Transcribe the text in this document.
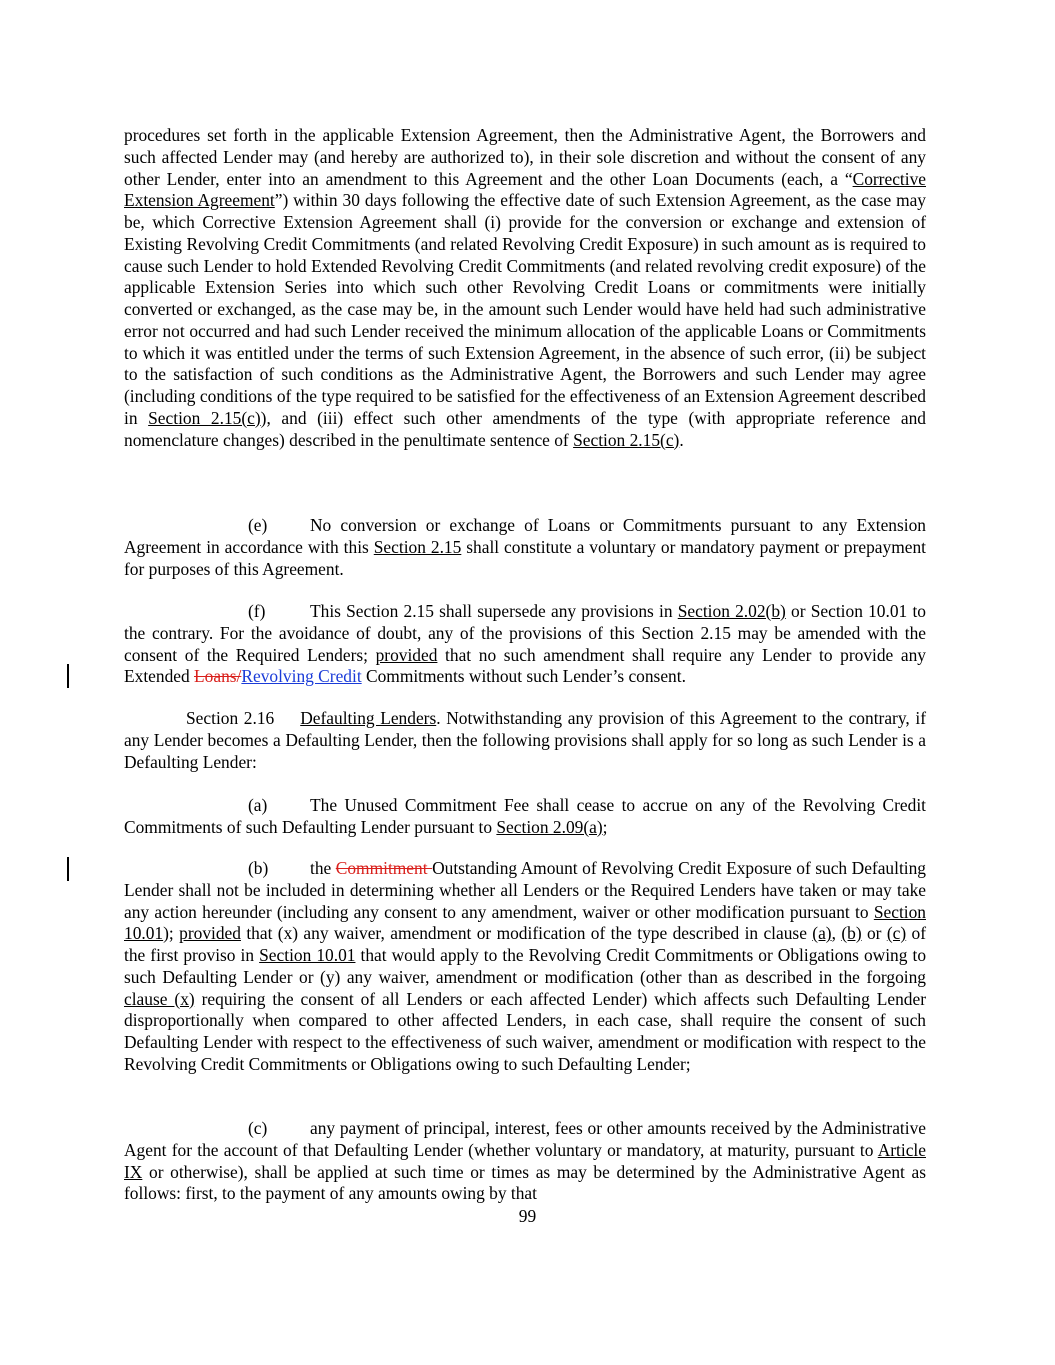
procedures set forth in the applicable Extension Agreement, then the Administrative Agent, the Borrowers and such affected Lender may (and hereby are authorized to), in their sole discretion and without the consent of any other Lender, enter into an amendment to this Agreement and the other Loan Documents (each, a “Corrective Extension Agreement”) within 30 days following the effective date of such Extension Agreement, as the case may be, which Corrective Extension Agreement shall (i) provide for the conversion or exchange and extension of Existing Revolving Credit Commitments (and related Revolving Credit Exposure) in such amount as is required to cause such Lender to hold Extended Revolving Credit Commitments (and related revolving credit exposure) of the applicable Extension Series into which such other Revolving Credit Loans or commitments were initially converted or exchanged, as the case may be, in the amount such Lender would have held had such administrative error not occurred and had such Lender received the minimum allocation of the applicable Loans or Commitments to which it was entitled under the terms of such Extension Agreement, in the absence of such error, (ii) be subject to the satisfaction of such conditions as the Administrative Agent, the Borrowers and such Lender may agree (including conditions of the type required to be satisfied for the effectiveness of an Extension Agreement described in Section 2.15(c)), and (iii) effect such other amendments of the type (with appropriate reference and nomenclature changes) described in the penultimate sentence of Section 2.15(c).

(e) No conversion or exchange of Loans or Commitments pursuant to any Extension Agreement in accordance with this Section 2.15 shall constitute a voluntary or mandatory payment or prepayment for purposes of this Agreement.

(f)	This Section 2.15 shall supersede any provisions in Section 2.02(b) or Section 10.01 to the contrary. For the avoidance of doubt, any of the provisions of this Section 2.15 may be amended with the consent of the Required Lenders; provided that no such amendment shall require any Lender to provide any Extended Loans/Revolving Credit Commitments without such Lender’s consent.

Section 2.16 Defaulting Lenders. Notwithstanding any provision of this Agreement to the contrary, if any Lender becomes a Defaulting Lender, then the following provisions shall apply for so long as such Lender is a Defaulting Lender:

(a) The Unused Commitment Fee shall cease to accrue on any of the Revolving Credit Commitments of such Defaulting Lender pursuant to Section 2.09(a);

(b) the Commitment Outstanding Amount of Revolving Credit Exposure of such Defaulting Lender shall not be included in determining whether all Lenders or the Required Lenders have taken or may take any action hereunder (including any consent to any amendment, waiver or other modification pursuant to Section 10.01); provided that (x) any waiver, amendment or modification of the type described in clause (a), (b) or (c) of the first proviso in Section 10.01 that would apply to the Revolving Credit Commitments or Obligations owing to such Defaulting Lender or (y) any waiver, amendment or modification (other than as described in the forgoing clause (x) requiring the consent of all Lenders or each affected Lender) which affects such Defaulting Lender disproportionally when compared to other affected Lenders, in each case, shall require the consent of such Defaulting Lender with respect to the effectiveness of such waiver, amendment or modification with respect to the Revolving Credit Commitments or Obligations owing to such Defaulting Lender;

(c) any payment of principal, interest, fees or other amounts received by the Administrative Agent for the account of that Defaulting Lender (whether voluntary or mandatory, at maturity, pursuant to Article IX or otherwise), shall be applied at such time or times as may be determined by the Administrative Agent as follows: first, to the payment of any amounts owing by that

99
